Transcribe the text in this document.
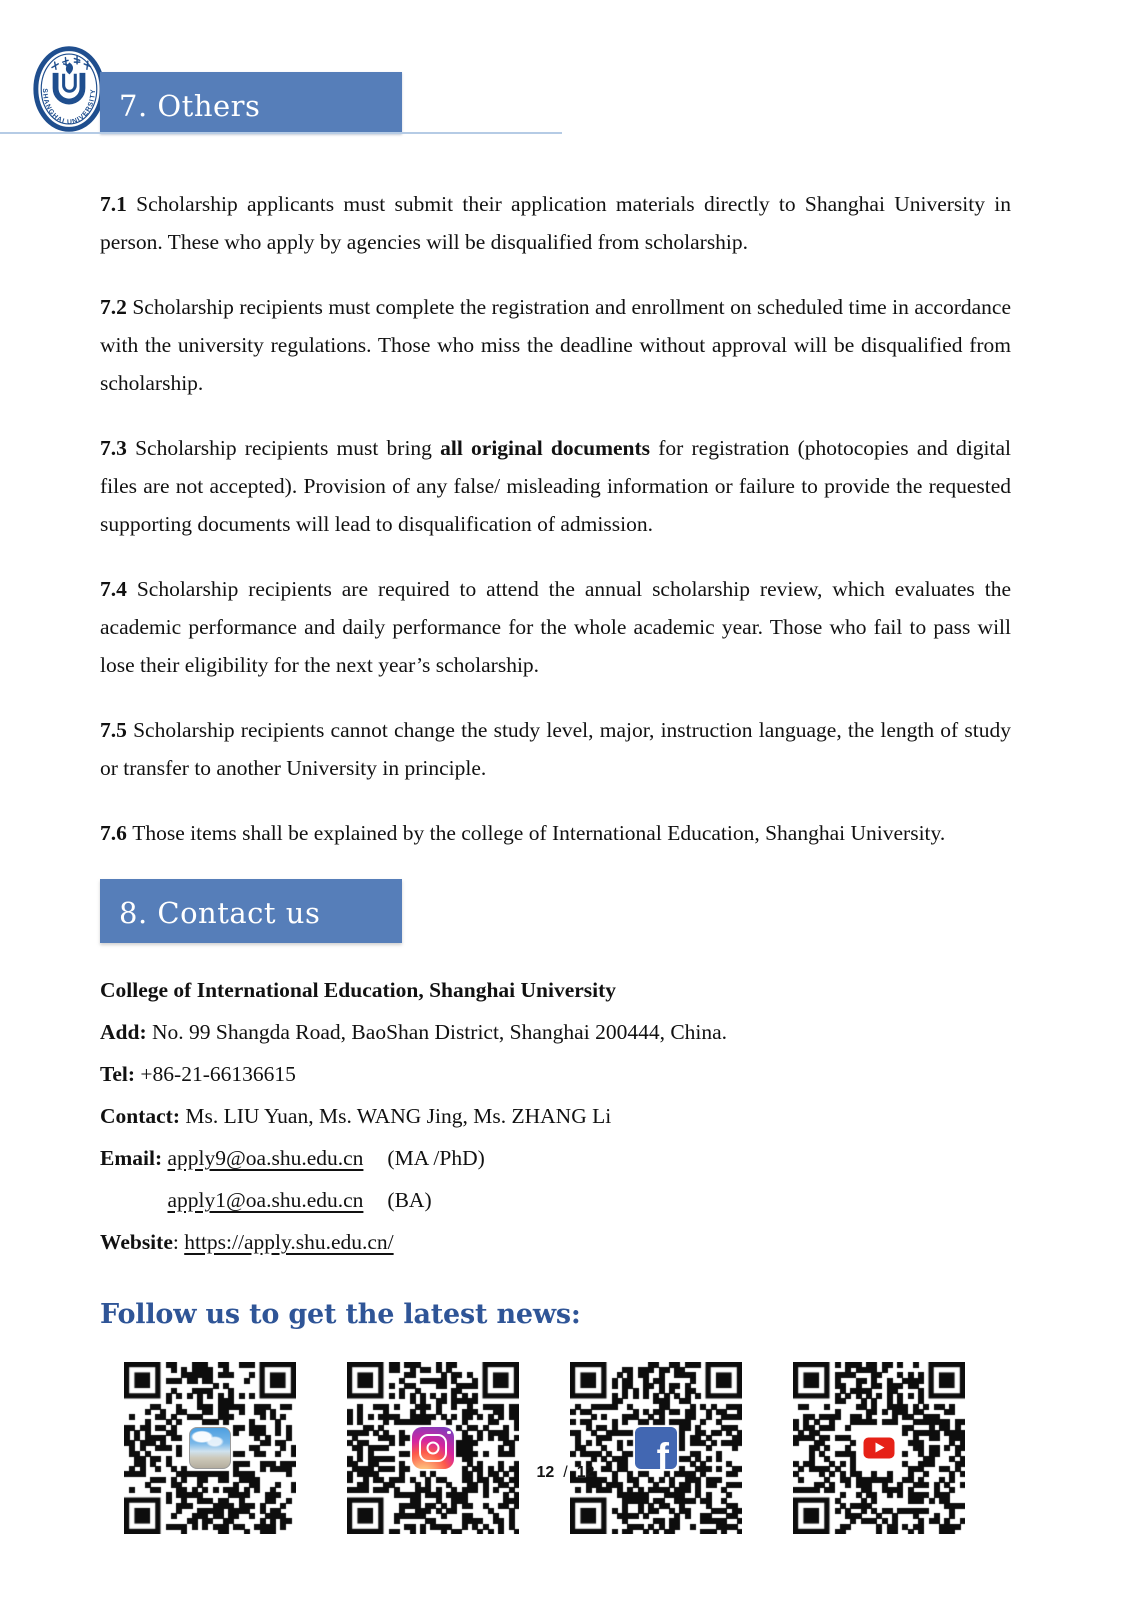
SHANGHAI UNIVERSITY 7. Others

7.1 Scholarship applicants must submit their application materials directly to Shanghai University in person. These who apply by agencies will be disqualified from scholarship.

7.2 Scholarship recipients must complete the registration and enrollment on scheduled time in accordance with the university regulations. Those who miss the deadline without approval will be disqualified from scholarship.

7.3 Scholarship recipients must bring all original documents for registration (photocopies and digital files are not accepted). Provision of any false/ misleading information or failure to provide the requested supporting documents will lead to disqualification of admission.

7.4 Scholarship recipients are required to attend the annual scholarship review, which evaluates the academic performance and daily performance for the whole academic year. Those who fail to pass will lose their eligibility for the next year’s scholarship.

7.5 Scholarship recipients cannot change the study level, major, instruction language, the length of study or transfer to another University in principle.

7.6 Those items shall be explained by the college of International Education, Shanghai University.

8. Contact us
College of International Education, Shanghai University
Add: No. 99 Shangda Road, BaoShan District, Shanghai 200444, China.
Tel: +86-21-66136615
Contact: Ms. LIU Yuan, Ms. WANG Jing, Ms. ZHANG Li
Email: apply9@oa.shu.edu.cn (MA /PhD)
apply1@oa.shu.edu.cn (BA)
Website: https://apply.shu.edu.cn/
Follow us to get the latest news:
f
12 / 12
